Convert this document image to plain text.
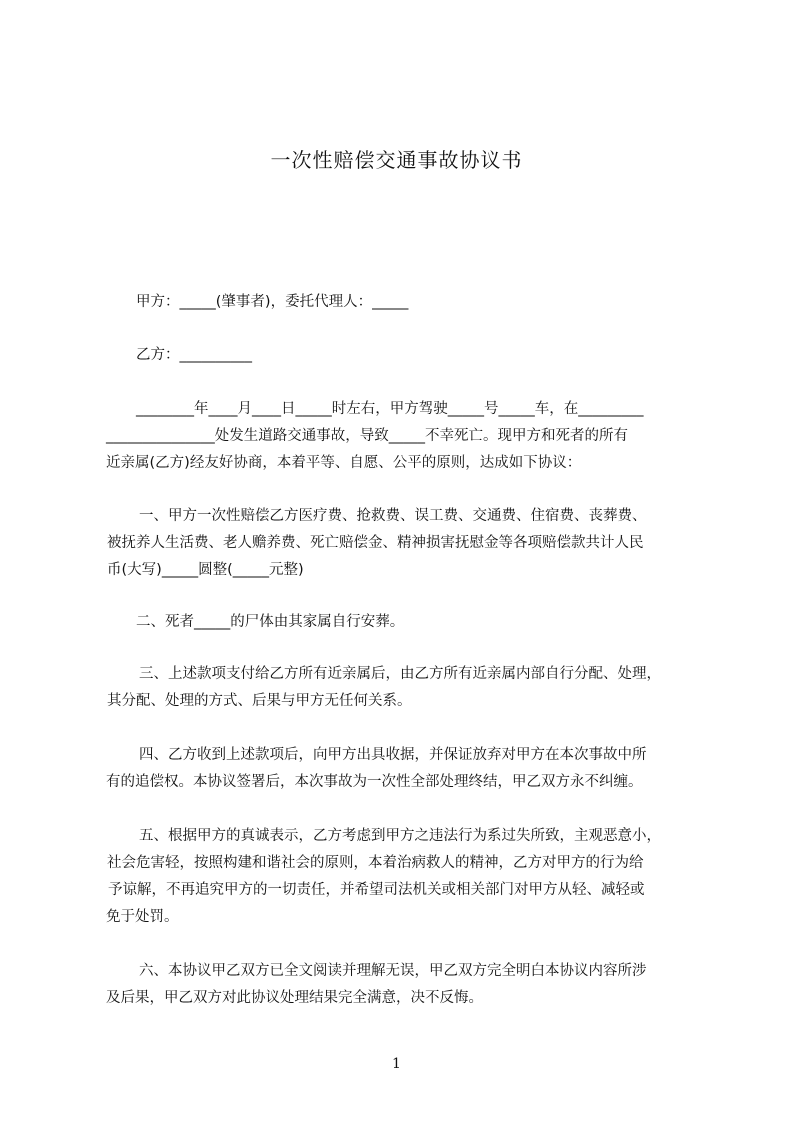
一次性赔偿交通事故协议书
甲方：_____(肇事者)，委托代理人：_____
乙方：__________
________年____月____日_____时左右，甲方驾驶_____号_____车，在_________
_______________处发生道路交通事故，导致_____不幸死亡。现甲方和死者的所有
近亲属(乙方)经友好协商，本着平等、自愿、公平的原则，达成如下协议：
一、甲方一次性赔偿乙方医疗费、抢救费、误工费、交通费、住宿费、丧葬费、
被抚养人生活费、老人赡养费、死亡赔偿金、精神损害抚慰金等各项赔偿款共计人民
币(大写)_____圆整(_____元整)
二、死者_____的尸体由其家属自行安葬。
三、上述款项支付给乙方所有近亲属后，由乙方所有近亲属内部自行分配、处理，
其分配、处理的方式、后果与甲方无任何关系。
四、乙方收到上述款项后，向甲方出具收据，并保证放弃对甲方在本次事故中所
有的追偿权。本协议签署后，本次事故为一次性全部处理终结，甲乙双方永不纠缠。
五、根据甲方的真诚表示，乙方考虑到甲方之违法行为系过失所致，主观恶意小，
社会危害轻，按照构建和谐社会的原则，本着治病救人的精神，乙方对甲方的行为给
予谅解，不再追究甲方的一切责任，并希望司法机关或相关部门对甲方从轻、减轻或
免于处罚。
六、本协议甲乙双方已全文阅读并理解无误，甲乙双方完全明白本协议内容所涉
及后果，甲乙双方对此协议处理结果完全满意，决不反悔。
1
